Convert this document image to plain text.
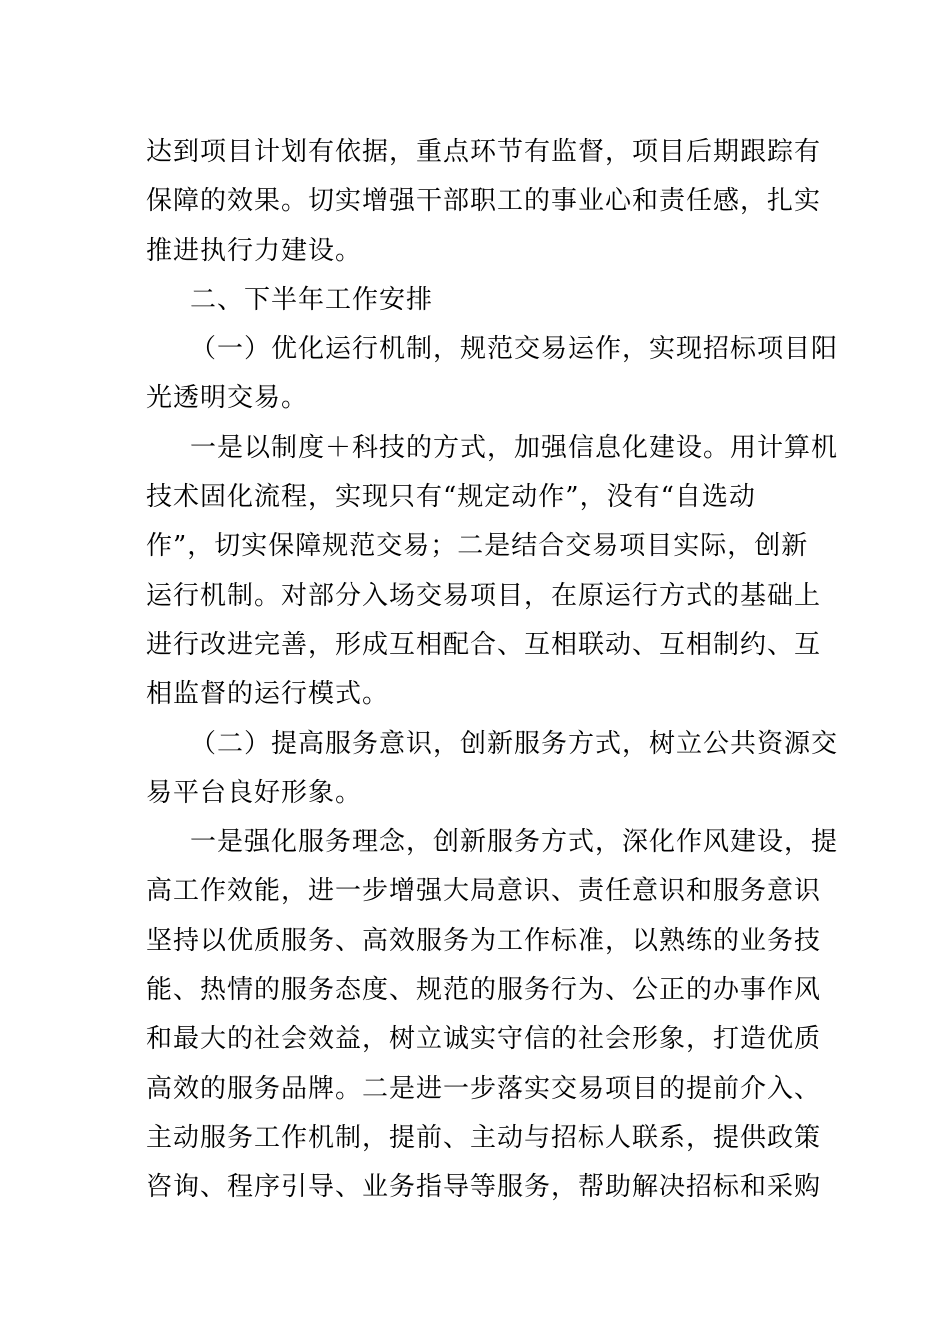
达到项目计划有依据，重点环节有监督，项目后期跟踪有
保障的效果。切实增强干部职工的事业心和责任感，扎实
推进执行力建设。
二、下半年工作安排
（一）优化运行机制，规范交易运作，实现招标项目阳
光透明交易。
一是以制度＋科技的方式，加强信息化建设。用计算机
技术固化流程，实现只有“规定动作”，没有“自选动
作”，切实保障规范交易；二是结合交易项目实际，创新
运行机制。对部分入场交易项目，在原运行方式的基础上
进行改进完善，形成互相配合、互相联动、互相制约、互
相监督的运行模式。
（二）提高服务意识，创新服务方式，树立公共资源交
易平台良好形象。
一是强化服务理念，创新服务方式，深化作风建设，提
高工作效能，进一步增强大局意识、责任意识和服务意识
坚持以优质服务、高效服务为工作标准，以熟练的业务技
能、热情的服务态度、规范的服务行为、公正的办事作风
和最大的社会效益，树立诚实守信的社会形象，打造优质
高效的服务品牌。二是进一步落实交易项目的提前介入、
主动服务工作机制，提前、主动与招标人联系，提供政策
咨询、程序引导、业务指导等服务，帮助解决招标和采购
